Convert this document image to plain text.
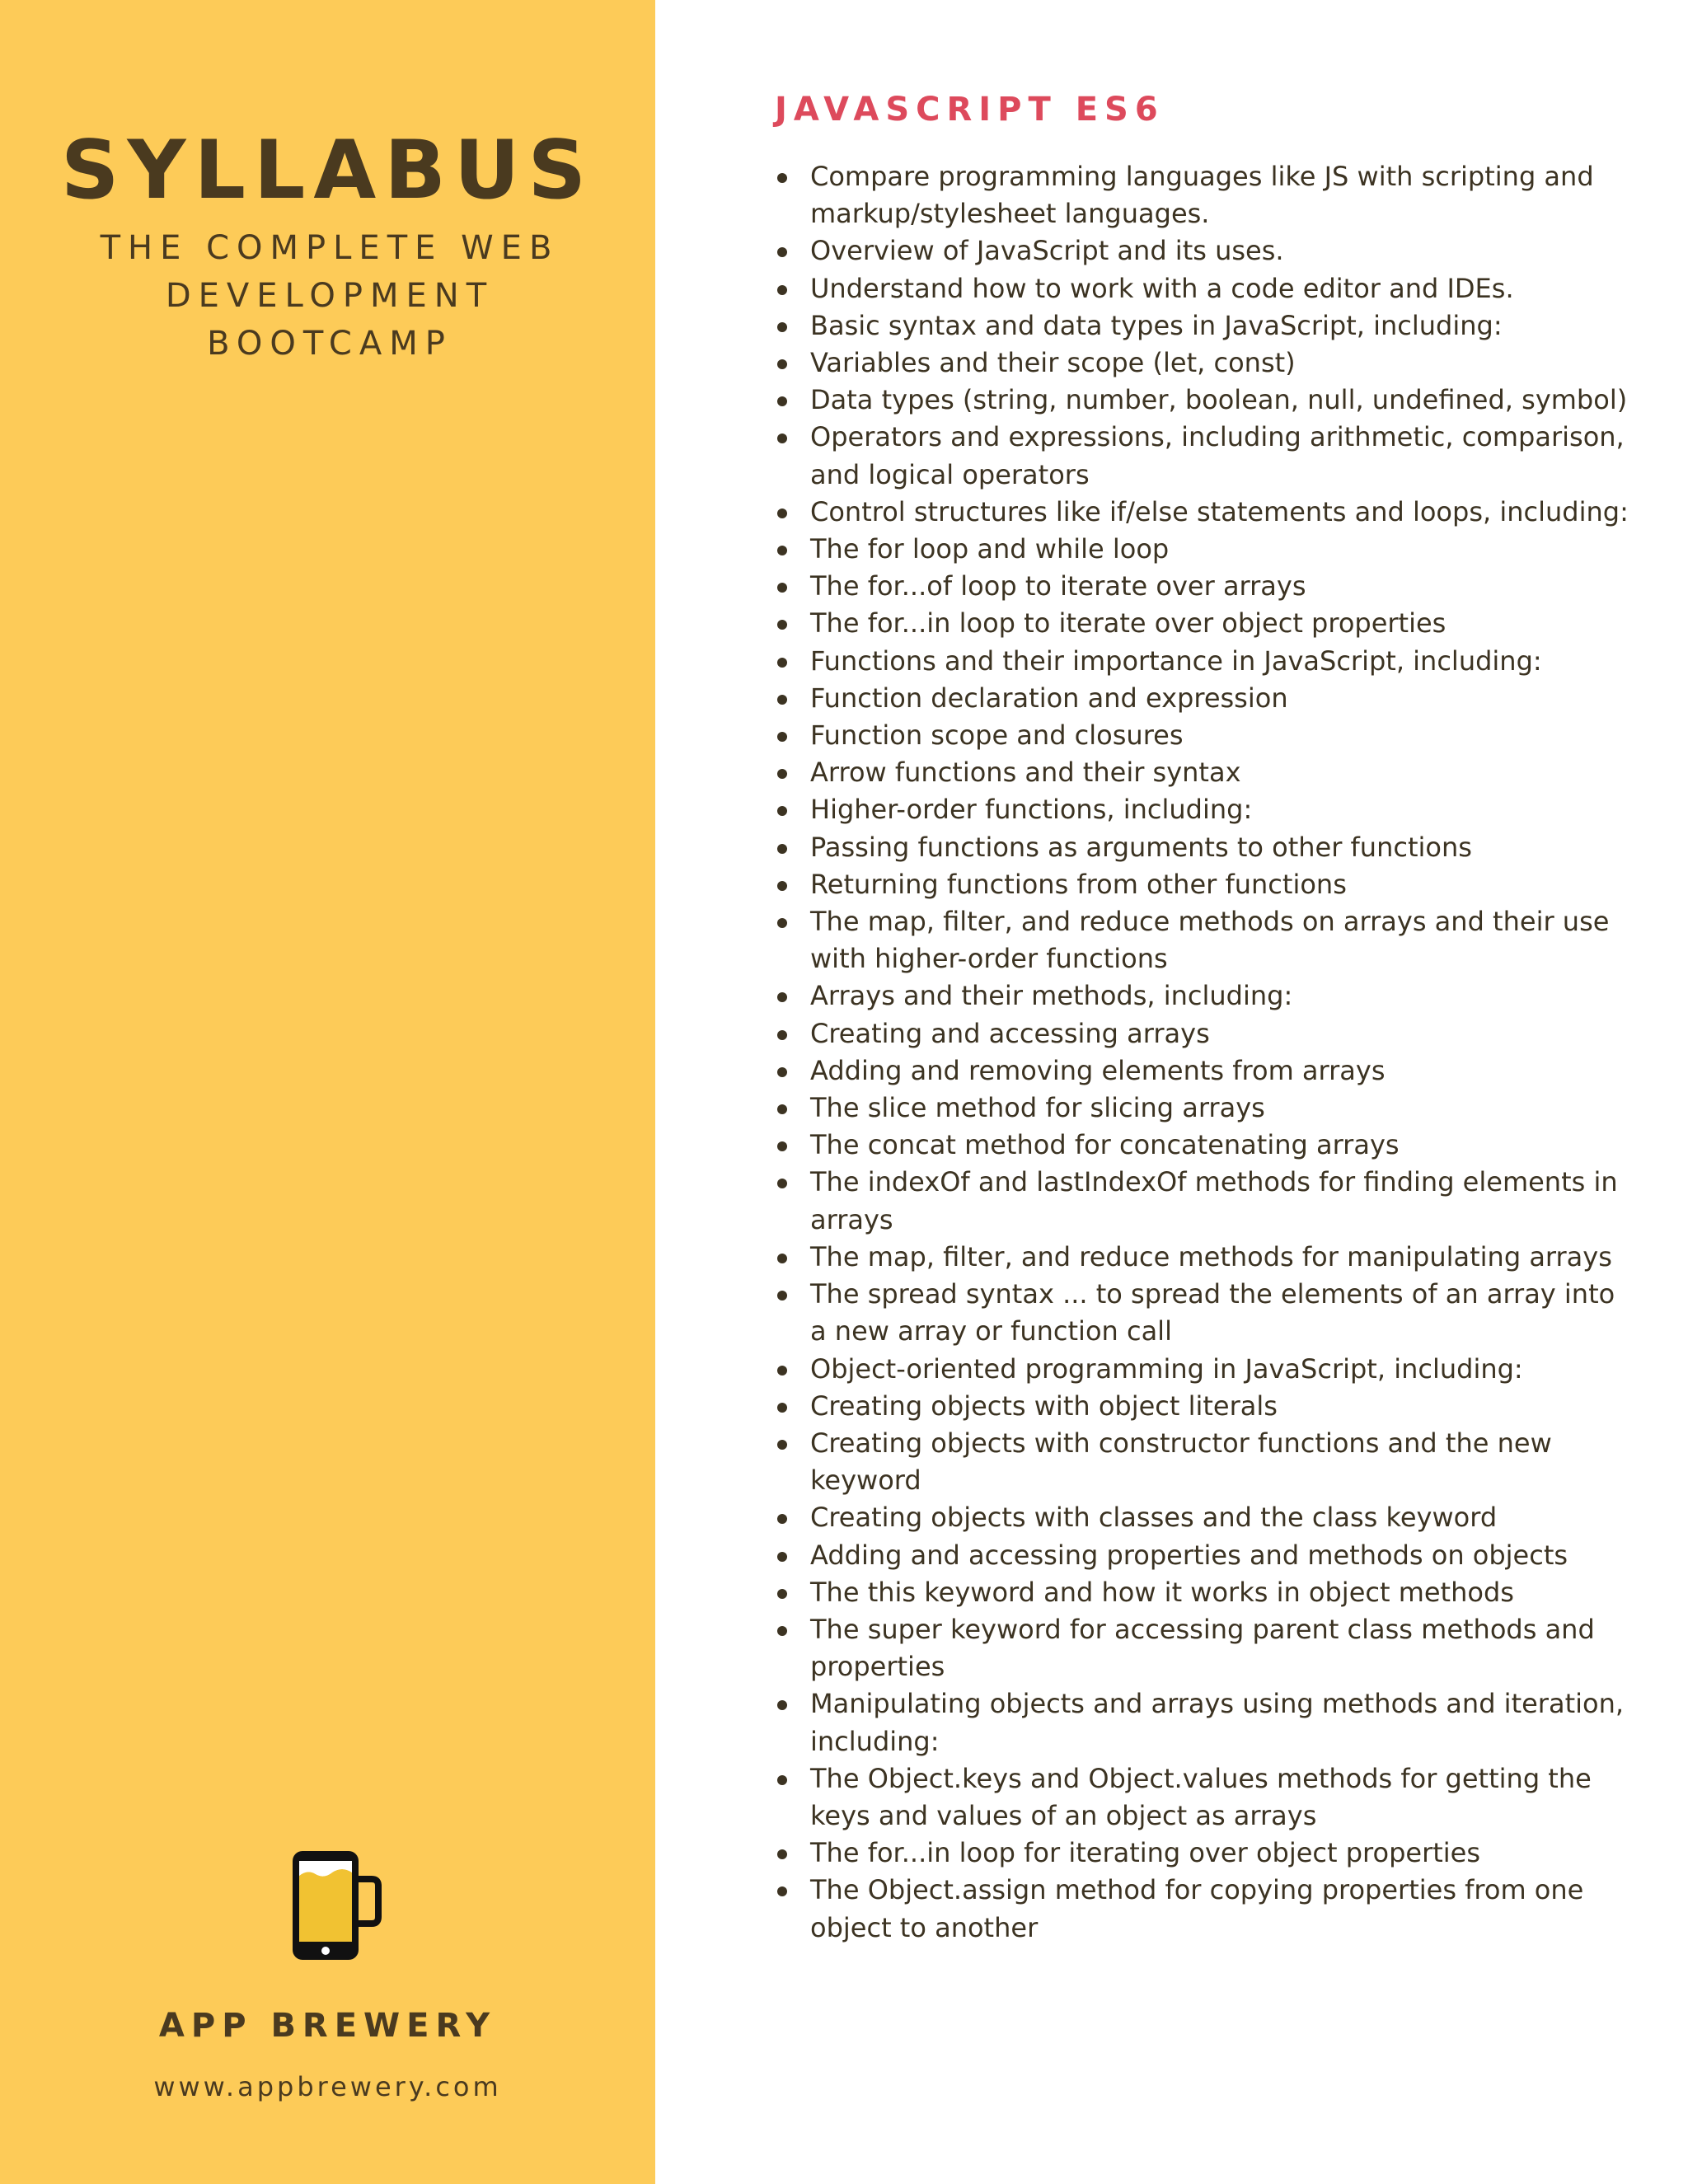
SYLLABUS
THE COMPLETE WEB
DEVELOPMENT
BOOTCAMP
APP BREWERY
www.appbrewery.com
JAVASCRIPT ES6
Compare programming languages like JS with scripting and markup/stylesheet languages.
Overview of JavaScript and its uses.
Understand how to work with a code editor and IDEs.
Basic syntax and data types in JavaScript, including:
Variables and their scope (let, const)
Data types (string, number, boolean, null, undefined, symbol)
Operators and expressions, including arithmetic, comparison, and logical operators
Control structures like if/else statements and loops, including:
The for loop and while loop
The for...of loop to iterate over arrays
The for...in loop to iterate over object properties
Functions and their importance in JavaScript, including:
Function declaration and expression
Function scope and closures
Arrow functions and their syntax
Higher-order functions, including:
Passing functions as arguments to other functions
Returning functions from other functions
The map, filter, and reduce methods on arrays and their use with higher-order functions
Arrays and their methods, including:
Creating and accessing arrays
Adding and removing elements from arrays
The slice method for slicing arrays
The concat method for concatenating arrays
The indexOf and lastIndexOf methods for finding elements in arrays
The map, filter, and reduce methods for manipulating arrays
The spread syntax ... to spread the elements of an array into a new array or function call
Object-oriented programming in JavaScript, including:
Creating objects with object literals
Creating objects with constructor functions and the new keyword
Creating objects with classes and the class keyword
Adding and accessing properties and methods on objects
The this keyword and how it works in object methods
The super keyword for accessing parent class methods and properties
Manipulating objects and arrays using methods and iteration, including:
The Object.keys and Object.values methods for getting the keys and values of an object as arrays
The for...in loop for iterating over object properties
The Object.assign method for copying properties from one object to another
